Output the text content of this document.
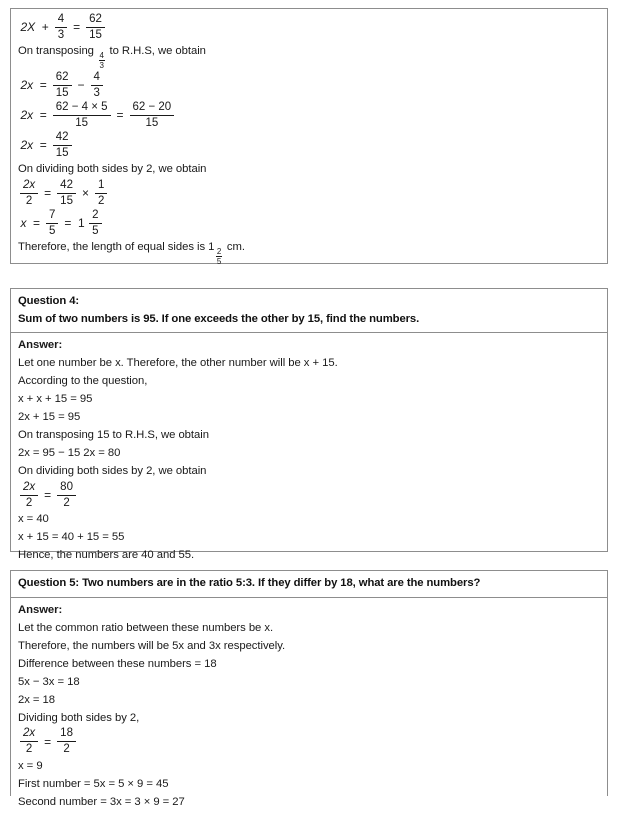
$2X + \frac{4}{3} = \frac{62}{15}$
On transposing $\frac{4}{3}$ to R.H.S, we obtain
$2x = \frac{62}{15} - \frac{4}{3}$
$2x = \frac{62 - 4 \times 5}{15} = \frac{62 - 20}{15}$
$2x = \frac{42}{15}$
On dividing both sides by 2, we obtain
$\frac{2x}{2} = \frac{42}{15} \times \frac{1}{2}$
$x = \frac{7}{5} = 1 \frac{2}{5}$
Therefore, the length of equal sides is $1 \frac{2}{5}$ cm.
Question 4:
Sum of two numbers is 95. If one exceeds the other by 15, find the numbers.
Answer:
Let one number be x. Therefore, the other number will be x + 15.
According to the question,
x + x + 15 = 95
2x + 15 = 95
On transposing 15 to R.H.S, we obtain
2x = 95 − 15 2x = 80
On dividing both sides by 2, we obtain
$\frac{2x}{2} = \frac{80}{2}$
x = 40
x + 15 = 40 + 15 = 55
Hence, the numbers are 40 and 55.
Question 5: Two numbers are in the ratio 5:3. If they differ by 18, what are the numbers?
Answer:
Let the common ratio between these numbers be x.
Therefore, the numbers will be 5x and 3x respectively.
Difference between these numbers = 18
5x − 3x = 18
2x = 18
Dividing both sides by 2,
$\frac{2x}{2} = \frac{18}{2}$
x = 9
First number = 5x = 5 × 9 = 45
Second number = 3x = 3 × 9 = 27
